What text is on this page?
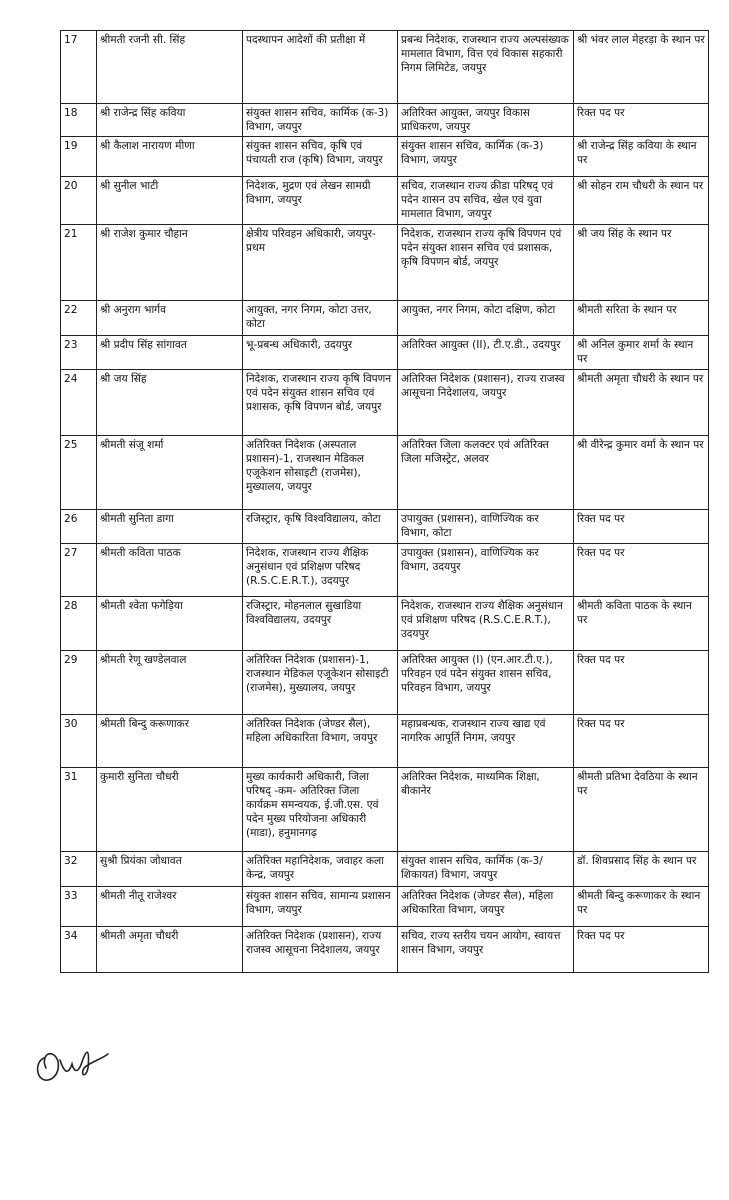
17	श्रीमती रजनी सी. सिंह	पदस्थापन आदेशों की प्रतीक्षा में	प्रबन्ध निदेशक, राजस्थान राज्य अल्पसंख्यक मामलात विभाग, वित्त एवं विकास सहकारी निगम लिमिटेड, जयपुर	श्री भंवर लाल मेहरड़ा के स्थान पर
18	श्री राजेन्द्र सिंह कविया	संयुक्त शासन सचिव, कार्मिक (क-3) विभाग, जयपुर	अतिरिक्त आयुक्त, जयपुर विकास प्राधिकरण, जयपुर	रिक्त पद पर
19	श्री कैलाश नारायण मीणा	संयुक्त शासन सचिव, कृषि एवं पंचायती राज (कृषि) विभाग, जयपुर	संयुक्त शासन सचिव, कार्मिक (क-3) विभाग, जयपुर	श्री राजेन्द्र सिंह कविया के स्थान पर
20	श्री सुनील भाटी	निदेशक, मुद्रण एवं लेखन सामग्री विभाग, जयपुर	सचिव, राजस्थान राज्य क्रीडा परिषद् एवं पदेन शासन उप सचिव, खेल एवं युवा मामलात विभाग, जयपुर	श्री सोहन राम चौधरी के स्थान पर
21	श्री राजेश कुमार चौहान	क्षेत्रीय परिवहन अधिकारी, जयपुर-प्रथम	निदेशक, राजस्थान राज्य कृषि विपणन एवं पदेन संयुक्त शासन सचिव एवं प्रशासक, कृषि विपणन बोर्ड, जयपुर	श्री जय सिंह के स्थान पर
22	श्री अनुराग भार्गव	आयुक्त, नगर निगम, कोटा उत्तर, कोटा	आयुक्त, नगर निगम, कोटा दक्षिण, कोटा	श्रीमती सरिता के स्थान पर
23	श्री प्रदीप सिंह सांगावत	भू-प्रबन्ध अधिकारी, उदयपुर	अतिरिक्त आयुक्त (II), टी.ए.डी., उदयपुर	श्री अनिल कुमार शर्मा के स्थान पर
24	श्री जय सिंह	निदेशक, राजस्थान राज्य कृषि विपणन एवं पदेन संयुक्त शासन सचिव एवं प्रशासक, कृषि विपणन बोर्ड, जयपुर	अतिरिक्त निदेशक (प्रशासन), राज्य राजस्व आसूचना निदेशालय, जयपुर	श्रीमती अमृता चौधरी के स्थान पर
25	श्रीमती संजू शर्मा	अतिरिक्त निदेशक (अस्पताल प्रशासन)-1, राजस्थान मेडिकल एजूकेशन सोसाइटी (राजमेस), मुख्यालय, जयपुर	अतिरिक्त जिला कलक्टर एवं अतिरिक्त जिला मजिस्ट्रेट, अलवर	श्री वीरेन्द्र कुमार वर्मा के स्थान पर
26	श्रीमती सुनिता डागा	रजिस्ट्रार, कृषि विश्वविद्यालय, कोटा	उपायुक्त (प्रशासन), वाणिज्यिक कर विभाग, कोटा	रिक्त पद पर
27	श्रीमती कविता पाठक	निदेशक, राजस्थान राज्य शैक्षिक अनुसंधान एवं प्रशिक्षण परिषद (R.S.C.E.R.T.), उदयपुर	उपायुक्त (प्रशासन), वाणिज्यिक कर विभाग, उदयपुर	रिक्त पद पर
28	श्रीमती श्वेता फगेड़िया	रजिस्ट्रार, मोहनलाल सुखाडिया विश्वविद्यालय, उदयपुर	निदेशक, राजस्थान राज्य शैक्षिक अनुसंधान एवं प्रशिक्षण परिषद (R.S.C.E.R.T.), उदयपुर	श्रीमती कविता पाठक के स्थान पर
29	श्रीमती रेणू खण्डेलवाल	अतिरिक्त निदेशक (प्रशासन)-1, राजस्थान मेडिकल एजूकेशन सोसाइटी (राजमेस), मुख्यालय, जयपुर	अतिरिक्त आयुक्त (I) (एन.आर.टी.ए.), परिवहन एवं पदेन संयुक्त शासन सचिव, परिवहन विभाग, जयपुर	रिक्त पद पर
30	श्रीमती बिन्दु करूणाकर	अतिरिक्त निदेशक (जेण्डर सैल), महिला अधिकारिता विभाग, जयपुर	महाप्रबन्धक, राजस्थान राज्य खाद्य एवं नागरिक आपूर्ति निगम, जयपुर	रिक्त पद पर
31	कुमारी सुनिता चौधरी	मुख्य कार्यकारी अधिकारी, जिला परिषद् -कम- अतिरिक्त जिला कार्यक्रम समन्वयक, ई.जी.एस. एवं पदेन मुख्य परियोजना अधिकारी (माडा), हनुमानगढ़	अतिरिक्त निदेशक, माध्यमिक शिक्षा, बीकानेर	श्रीमती प्रतिभा देवठिया के स्थान पर
32	सुश्री प्रियंका जोधावत	अतिरिक्त महानिदेशक, जवाहर कला केन्द्र, जयपुर	संयुक्त शासन सचिव, कार्मिक (क-3/शिकायत) विभाग, जयपुर	डॉ. शिवप्रसाद सिंह के स्थान पर
33	श्रीमती नीतू राजेश्वर	संयुक्त शासन सचिव, सामान्य प्रशासन विभाग, जयपुर	अतिरिक्त निदेशक (जेण्डर सैल), महिला अधिकारिता विभाग, जयपुर	श्रीमती बिन्दु करूणाकर के स्थान पर
34	श्रीमती अमृता चौधरी	अतिरिक्त निदेशक (प्रशासन), राज्य राजस्व आसूचना निदेशालय, जयपुर	सचिव, राज्य स्तरीय चयन आयोग, स्वायत्त शासन विभाग, जयपुर	रिक्त पद पर
